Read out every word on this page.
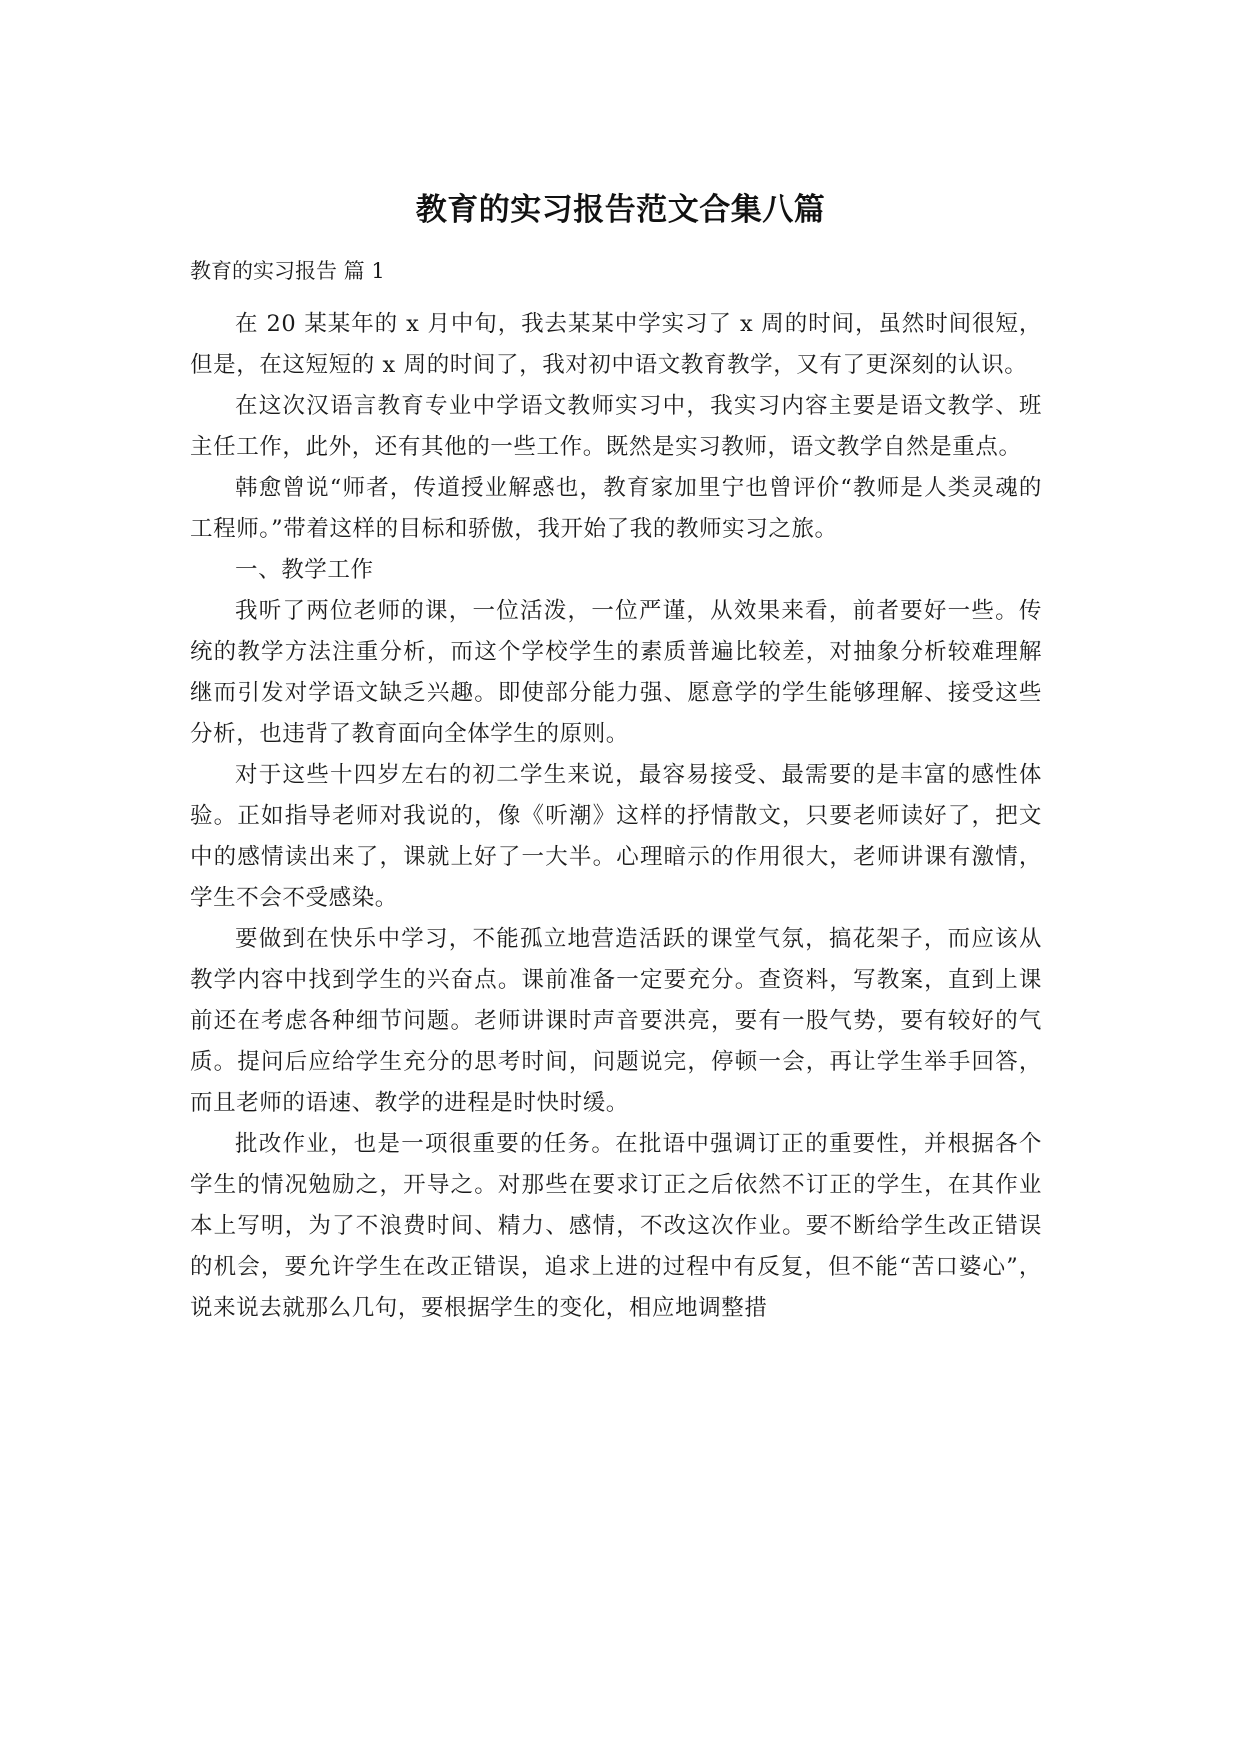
教育的实习报告范文合集八篇
教育的实习报告 篇 1

在 20 某某年的 x 月中旬，我去某某中学实习了 x 周的时间，虽然时间很短，但是，在这短短的 x 周的时间了，我对初中语文教育教学，又有了更深刻的认识。

在这次汉语言教育专业中学语文教师实习中，我实习内容主要是语文教学、班主任工作，此外，还有其他的一些工作。既然是实习教师，语文教学自然是重点。

韩愈曾说“师者，传道授业解惑也，教育家加里宁也曾评价“教师是人类灵魂的工程师。”带着这样的目标和骄傲，我开始了我的教师实习之旅。

一、教学工作

我听了两位老师的课，一位活泼，一位严谨，从效果来看，前者要好一些。传统的教学方法注重分析，而这个学校学生的素质普遍比较差，对抽象分析较难理解继而引发对学语文缺乏兴趣。即使部分能力强、愿意学的学生能够理解、接受这些分析，也违背了教育面向全体学生的原则。

对于这些十四岁左右的初二学生来说，最容易接受、最需要的是丰富的感性体验。正如指导老师对我说的，像《听潮》这样的抒情散文，只要老师读好了，把文中的感情读出来了，课就上好了一大半。心理暗示的作用很大，老师讲课有激情，学生不会不受感染。

要做到在快乐中学习，不能孤立地营造活跃的课堂气氛，搞花架子，而应该从教学内容中找到学生的兴奋点。课前准备一定要充分。查资料，写教案，直到上课前还在考虑各种细节问题。老师讲课时声音要洪亮，要有一股气势，要有较好的气质。提问后应给学生充分的思考时间，问题说完，停顿一会，再让学生举手回答，而且老师的语速、教学的进程是时快时缓。

批改作业，也是一项很重要的任务。在批语中强调订正的重要性，并根据各个学生的情况勉励之，开导之。对那些在要求订正之后依然不订正的学生，在其作业本上写明，为了不浪费时间、精力、感情，不改这次作业。要不断给学生改正错误的机会，要允许学生在改正错误，追求上进的过程中有反复，但不能“苦口婆心”，说来说去就那么几句，要根据学生的变化，相应地调整措
